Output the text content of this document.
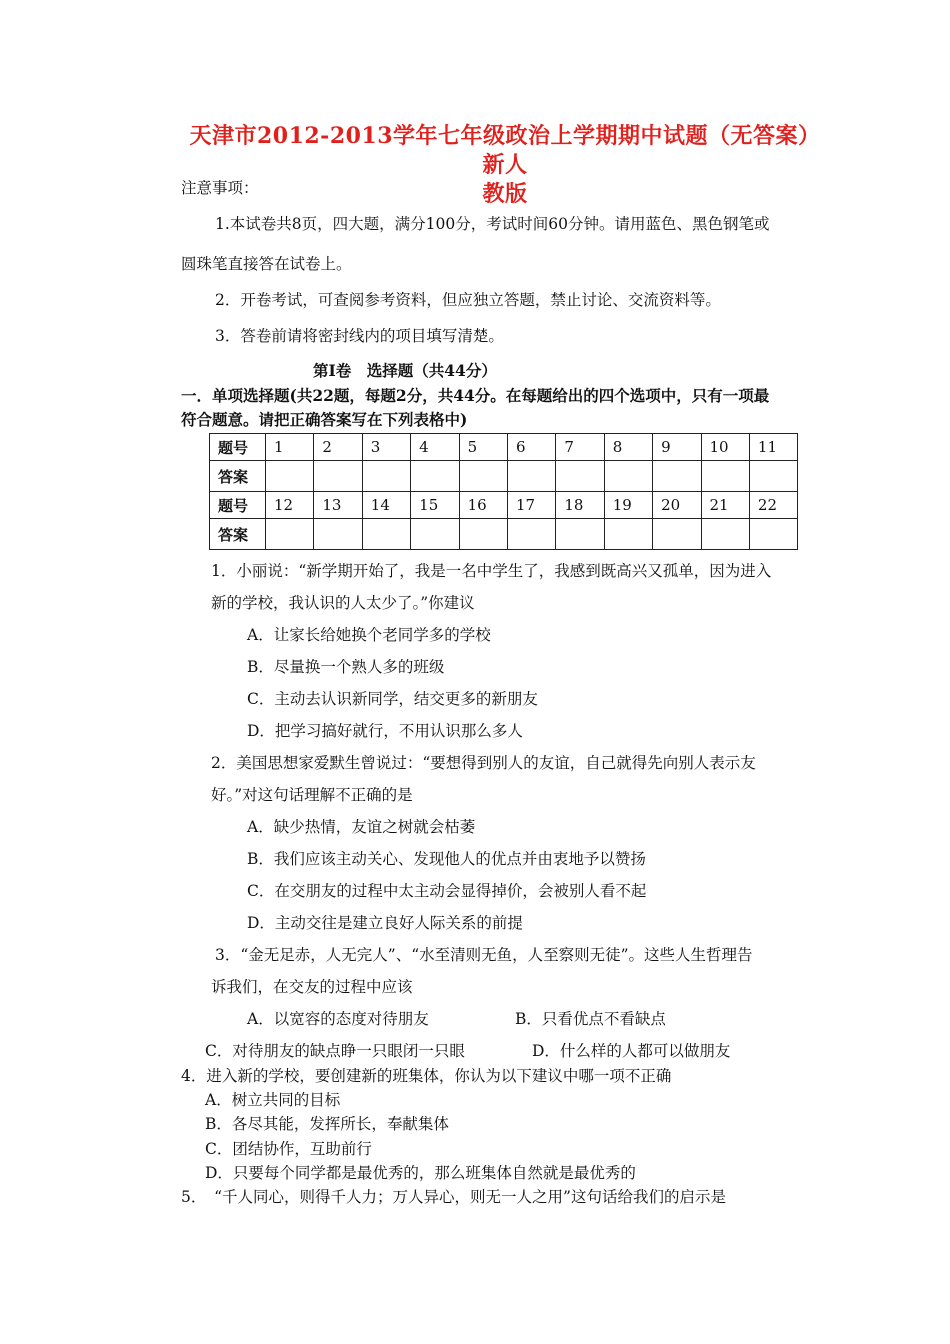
天津市2012-2013学年七年级政治上学期期中试题（无答案） 新人
教版
注意事项：
1.本试卷共8页，四大题，满分100分，考试时间60分钟。请用蓝色、黑色钢笔或
圆珠笔直接答在试卷上。
2．开卷考试，可查阅参考资料，但应独立答题，禁止讨论、交流资料等。
3．答卷前请将密封线内的项目填写清楚。
第Ⅰ卷　选择题（共44分）
一．单项选择题(共22题，每题2分，共44分。在每题给出的四个选项中，只有一项最
符合题意。请把正确答案写在下列表格中)
题号	1	2	3	4	5	6	7	8	9	10	11
答案											
题号	12	13	14	15	16	17	18	19	20	21	22
答案											
1．小丽说：“新学期开始了，我是一名中学生了，我感到既高兴又孤单，因为进入
新的学校，我认识的人太少了。”你建议
A．让家长给她换个老同学多的学校
B．尽量换一个熟人多的班级
C．主动去认识新同学，结交更多的新朋友
D．把学习搞好就行，不用认识那么多人
2．美国思想家爱默生曾说过：“要想得到别人的友谊，自己就得先向别人表示友
好。”对这句话理解不正确的是
A．缺少热情，友谊之树就会枯萎
B．我们应该主动关心、发现他人的优点并由衷地予以赞扬
C．在交朋友的过程中太主动会显得掉价，会被别人看不起
D．主动交往是建立良好人际关系的前提
3．“金无足赤，人无完人”、“水至清则无鱼，人至察则无徒”。这些人生哲理告
诉我们，在交友的过程中应该
A．以宽容的态度对待朋友	B．只看优点不看缺点
C．对待朋友的缺点睁一只眼闭一只眼	D．什么样的人都可以做朋友
4．进入新的学校，要创建新的班集体，你认为以下建议中哪一项不正确
A．树立共同的目标
B．各尽其能，发挥所长，奉献集体
C．团结协作，互助前行
D．只要每个同学都是最优秀的，那么班集体自然就是最优秀的
5．　“千人同心，则得千人力；万人异心，则无一人之用”这句话给我们的启示是
